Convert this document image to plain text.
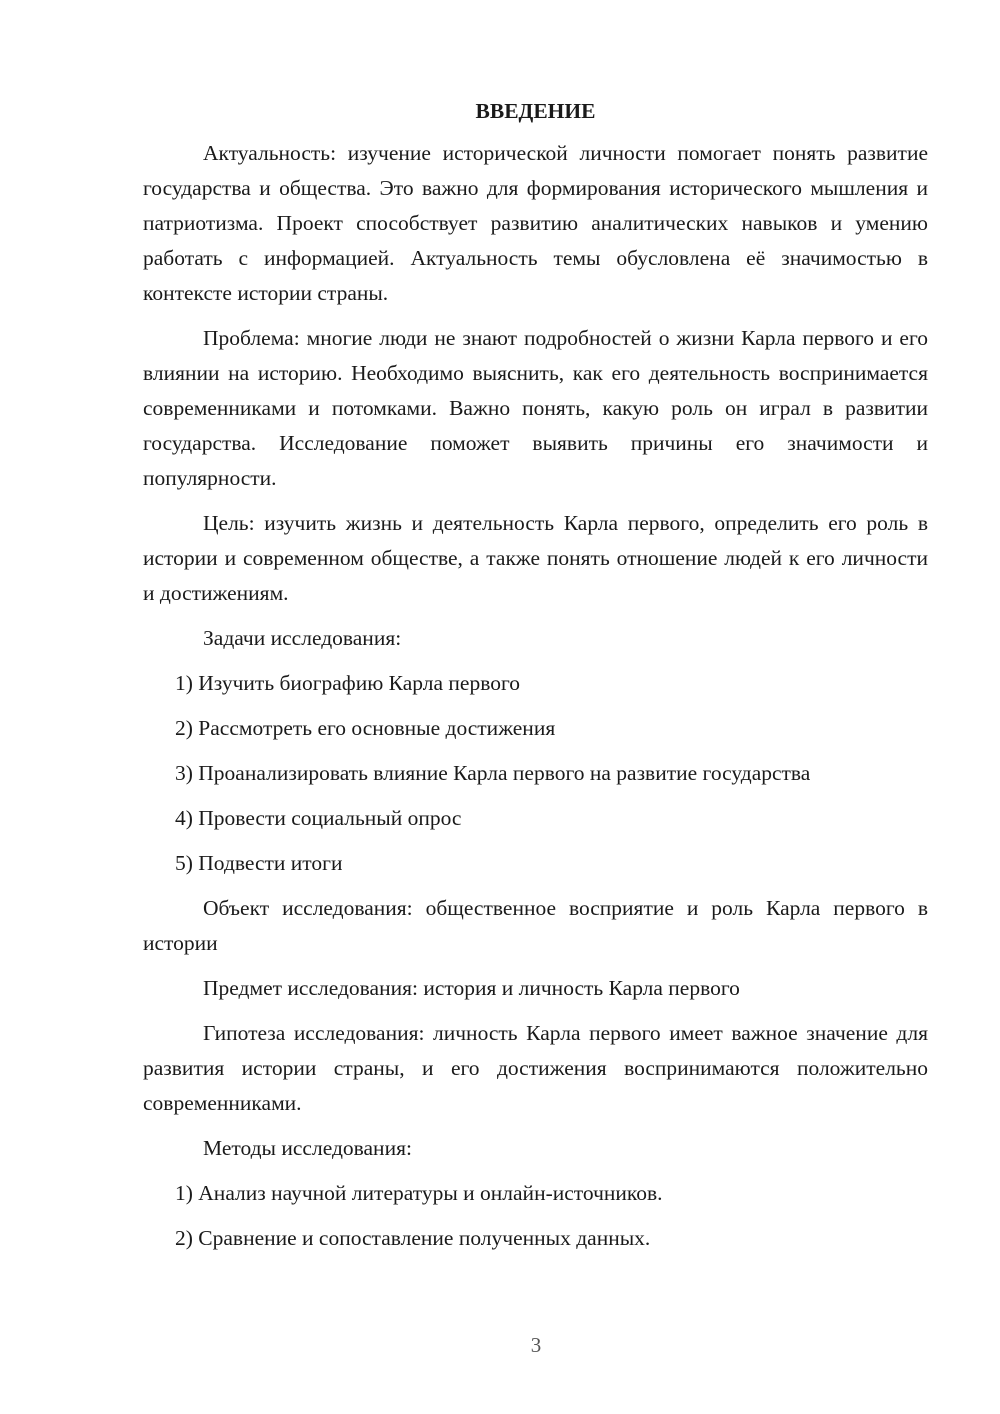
ВВЕДЕНИЕ

Актуальность: изучение исторической личности помогает понять развитие государства и общества. Это важно для формирования исторического мышления и патриотизма. Проект способствует развитию аналитических навыков и умению работать с информацией. Актуальность темы обусловлена её значимостью в контексте истории страны.

Проблема: многие люди не знают подробностей о жизни Карла первого и его влиянии на историю. Необходимо выяснить, как его деятельность воспринимается современниками и потомками. Важно понять, какую роль он играл в развитии государства. Исследование поможет выявить причины его значимости и популярности.

Цель: изучить жизнь и деятельность Карла первого, определить его роль в истории и современном обществе, а также понять отношение людей к его личности и достижениям.

Задачи исследования:

1) Изучить биографию Карла первого

2) Рассмотреть его основные достижения

3) Проанализировать влияние Карла первого на развитие государства

4) Провести социальный опрос

5) Подвести итоги

Объект исследования: общественное восприятие и роль Карла первого в истории

Предмет исследования: история и личность Карла первого

Гипотеза исследования: личность Карла первого имеет важное значение для развития истории страны, и его достижения воспринимаются положительно современниками.

Методы исследования:

1) Анализ научной литературы и онлайн-источников.

2) Сравнение и сопоставление полученных данных.

3
